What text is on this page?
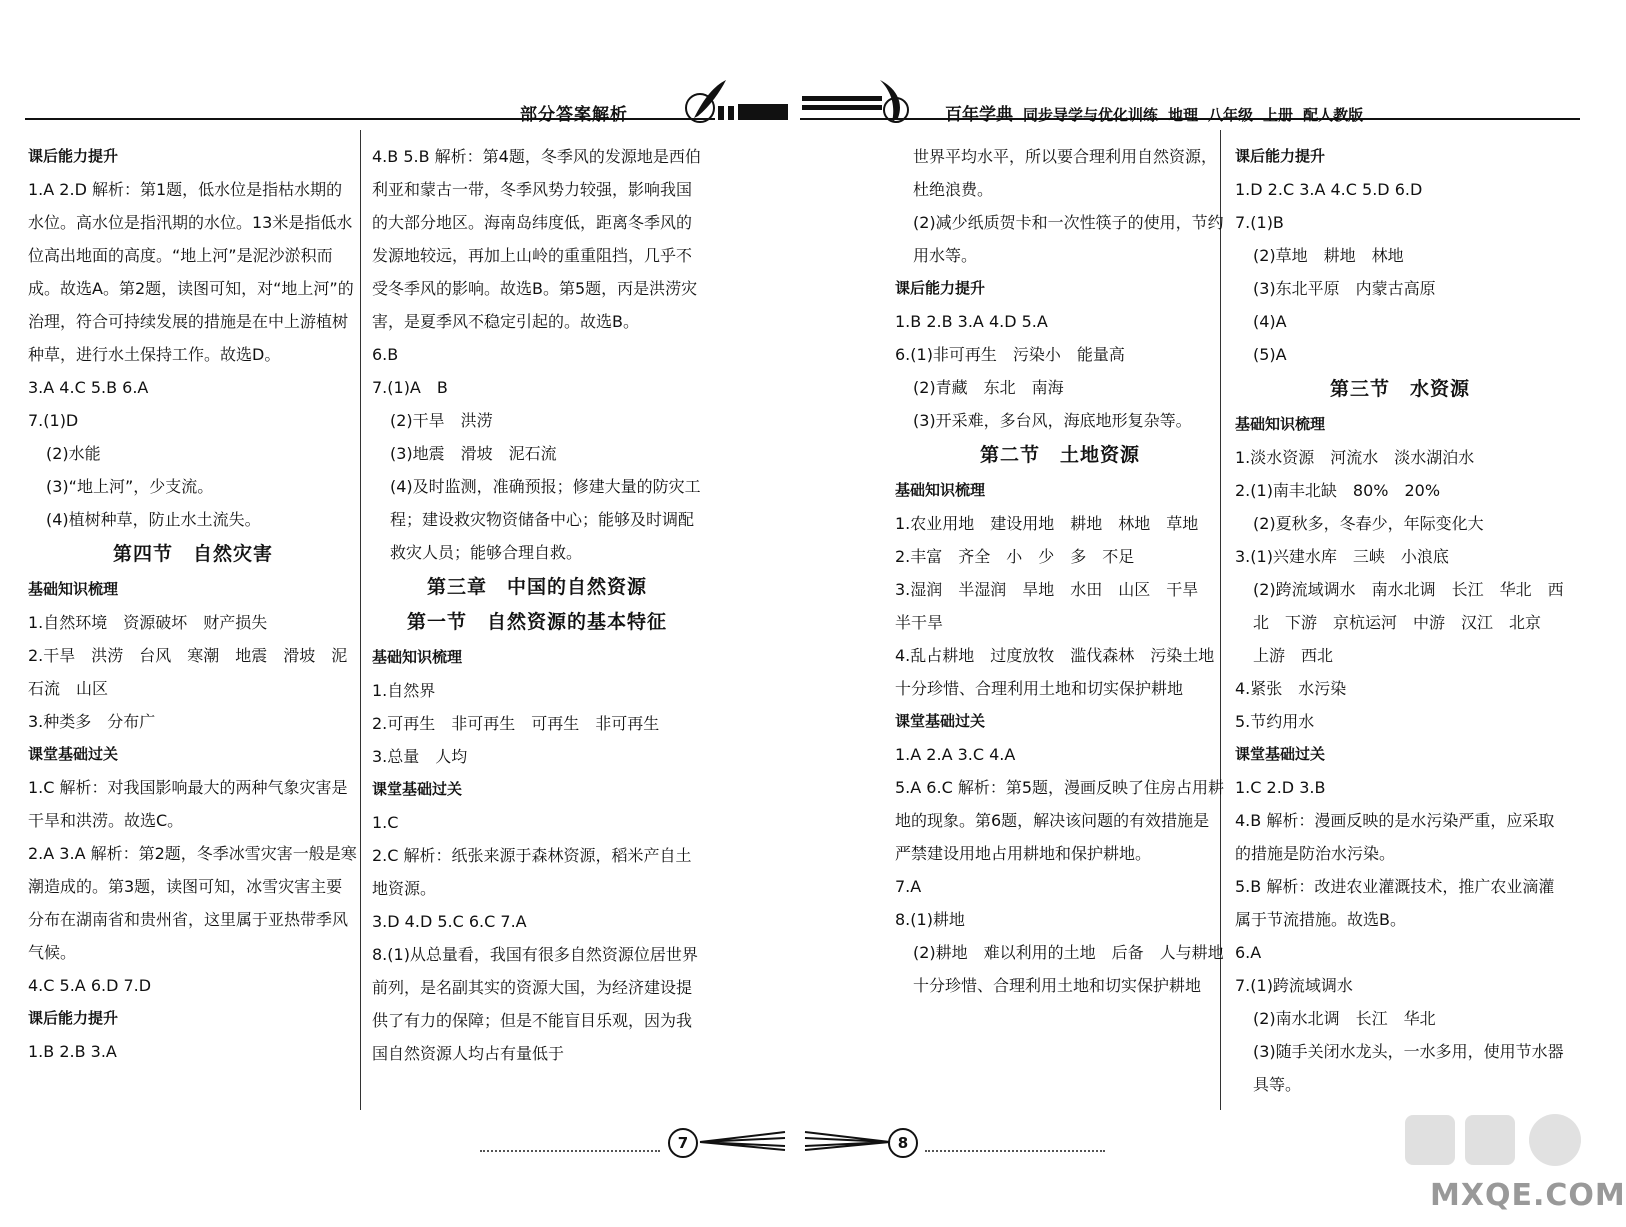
部分答案解析	百年学典 同步导学与优化训练 地理 八年级 上册 配人教版
课后能力提升
1.A 2.D 解析：第1题，低水位是指枯水期的水位。高水位是指汛期的水位。13米是指低水位高出地面的高度。“地上河”是泥沙淤积而成。故选A。第2题，读图可知，对“地上河”的治理，符合可持续发展的措施是在中上游植树种草，进行水土保持工作。故选D。
3.A 4.C 5.B 6.A
7.(1)D
(2)水能
(3)“地上河”，少支流。
(4)植树种草，防止水土流失。
第四节　自然灾害
基础知识梳理
1.自然环境　资源破坏　财产损失
2.干旱　洪涝　台风　寒潮　地震　滑坡　泥石流　山区
3.种类多　分布广
课堂基础过关
1.C 解析：对我国影响最大的两种气象灾害是干旱和洪涝。故选C。
2.A 3.A 解析：第2题，冬季冰雪灾害一般是寒潮造成的。第3题，读图可知，冰雪灾害主要分布在湖南省和贵州省，这里属于亚热带季风气候。
4.C 5.A 6.D 7.D
课后能力提升
1.B 2.B 3.A
4.B 5.B 解析：第4题，冬季风的发源地是西伯利亚和蒙古一带，冬季风势力较强，影响我国的大部分地区。海南岛纬度低，距离冬季风的发源地较远，再加上山岭的重重阻挡，几乎不受冬季风的影响。故选B。第5题，丙是洪涝灾害，是夏季风不稳定引起的。故选B。
6.B
7.(1)A　B
(2)干旱　洪涝
(3)地震　滑坡　泥石流
(4)及时监测，准确预报；修建大量的防灾工程；建设救灾物资储备中心；能够及时调配救灾人员；能够合理自救。
第三章　中国的自然资源
第一节　自然资源的基本特征
基础知识梳理
1.自然界
2.可再生　非可再生　可再生　非可再生
3.总量　人均
课堂基础过关
1.C
2.C 解析：纸张来源于森林资源，稻米产自土地资源。
3.D 4.D 5.C 6.C 7.A
8.(1)从总量看，我国有很多自然资源位居世界前列，是名副其实的资源大国，为经济建设提供了有力的保障；但是不能盲目乐观，因为我国自然资源人均占有量低于
世界平均水平，所以要合理利用自然资源，杜绝浪费。
(2)减少纸质贺卡和一次性筷子的使用，节约用水等。
课后能力提升
1.B 2.B 3.A 4.D 5.A
6.(1)非可再生　污染小　能量高
(2)青藏　东北　南海
(3)开采难，多台风，海底地形复杂等。
第二节　土地资源
基础知识梳理
1.农业用地　建设用地　耕地　林地　草地
2.丰富　齐全　小　少　多　不足
3.湿润　半湿润　旱地　水田　山区　干旱　半干旱
4.乱占耕地　过度放牧　滥伐森林　污染土地　十分珍惜、合理利用土地和切实保护耕地
课堂基础过关
1.A 2.A 3.C 4.A
5.A 6.C 解析：第5题，漫画反映了住房占用耕地的现象。第6题，解决该问题的有效措施是严禁建设用地占用耕地和保护耕地。
7.A
8.(1)耕地
(2)耕地　难以利用的土地　后备　人与耕地　十分珍惜、合理利用土地和切实保护耕地
课后能力提升
1.D 2.C 3.A 4.C 5.D 6.D
7.(1)B
(2)草地　耕地　林地
(3)东北平原　内蒙古高原
(4)A
(5)A
第三节　水资源
基础知识梳理
1.淡水资源　河流水　淡水湖泊水
2.(1)南丰北缺　80%　20%
(2)夏秋多，冬春少，年际变化大
3.(1)兴建水库　三峡　小浪底
(2)跨流域调水　南水北调　长江　华北　西北　下游　京杭运河　中游　汉江　北京　上游　西北
4.紧张　水污染
5.节约用水
课堂基础过关
1.C 2.D 3.B
4.B 解析：漫画反映的是水污染严重，应采取的措施是防治水污染。
5.B 解析：改进农业灌溉技术，推广农业滴灌属于节流措施。故选B。
6.A
7.(1)跨流域调水
(2)南水北调　长江　华北
(3)随手关闭水龙头，一水多用，使用节水器具等。
7	8
MXQE.COM
